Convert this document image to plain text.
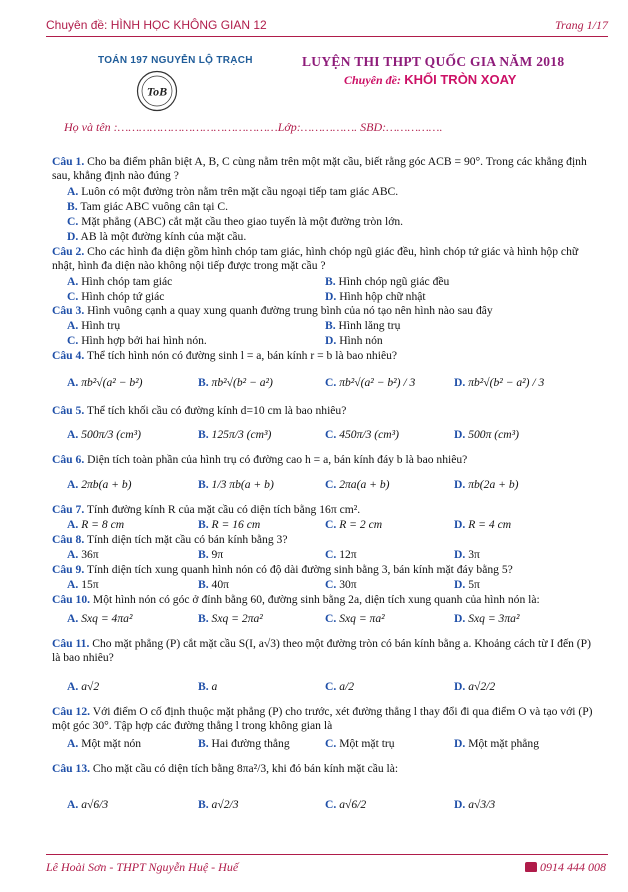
Chuyên đề: HÌNH HỌC KHÔNG GIAN 12	Trang 1/17
TOÁN 197 NGUYỄN LỘ TRẠCH
ToB
LUYỆN THI THPT QUỐC GIA NĂM 2018
Chuyên đề: KHỐI TRÒN XOAY
Họ và tên :………………………………………Lớp:……………. SBD:…………….
Câu 1. Cho ba điểm phân biệt A, B, C cùng nằm trên một mặt cầu, biết rằng góc ACB = 90°. Trong các khẳng định sau, khẳng định nào đúng ?
A. Luôn có một đường tròn nằm trên mặt cầu ngoại tiếp tam giác ABC.
B. Tam giác ABC vuông cân tại C.
C. Mặt phẳng (ABC) cắt mặt cầu theo giao tuyến là một đường tròn lớn.
D. AB là một đường kính của mặt cầu.
Câu 2. Cho các hình đa diện gồm hình chóp tam giác, hình chóp ngũ giác đều, hình chóp tứ giác và hình hộp chữ nhật, hình đa diện nào không nội tiếp được trong mặt cầu ?
A. Hình chóp tam giác	B. Hình chóp ngũ giác đều
C. Hình chóp tứ giác	D. Hình hộp chữ nhật
Câu 3. Hình vuông cạnh a quay xung quanh đường trung bình của nó tạo nên hình nào sau đây
A. Hình trụ	B. Hình lăng trụ
C. Hình hợp bởi hai hình nón.	D. Hình nón
Câu 4. Thể tích hình nón có đường sinh l = a, bán kính r = b là bao nhiêu?
A. πb²√(a² − b²)	B. πb²√(b² − a²)	C. πb²√(a² − b²) / 3	D. πb²√(b² − a²) / 3
Câu 5. Thể tích khối cầu có đường kính d=10 cm là bao nhiêu?
A. 500π/3 (cm³)	B. 125π/3 (cm³)	C. 450π/3 (cm³)	D. 500π (cm³)
Câu 6. Diện tích toàn phần của hình trụ có đường cao h = a, bán kính đáy b là bao nhiêu?
A. 2πb(a + b)	B. 1/3 πb(a + b)	C. 2πa(a + b)	D. πb(2a + b)
Câu 7. Tính đường kính R của mặt cầu có diện tích bằng 16π cm².
A. R = 8 cm	B. R = 16 cm	C. R = 2 cm	D. R = 4 cm
Câu 8. Tính diện tích mặt cầu có bán kính bằng 3?
A. 36π	B. 9π	C. 12π	D. 3π
Câu 9. Tính diện tích xung quanh hình nón có độ dài đường sinh bằng 3, bán kính mặt đáy bằng 5?
A. 15π	B. 40π	C. 30π	D. 5π
Câu 10. Một hình nón có góc ở đỉnh bằng 60, đường sinh bằng 2a, diện tích xung quanh của hình nón là:
A. Sxq = 4πa²	B. Sxq = 2πa²	C. Sxq = πa²	D. Sxq = 3πa²
Câu 11. Cho mặt phẳng (P) cắt mặt cầu S(I, a√3) theo một đường tròn có bán kính bằng a. Khoảng cách từ I đến (P) là bao nhiêu?
A. a√2	B. a	C. a/2	D. a√2/2
Câu 12. Với điểm O cố định thuộc mặt phẳng (P) cho trước, xét đường thẳng l thay đổi đi qua điểm O và tạo với (P) một góc 30°. Tập hợp các đường thẳng l trong không gian là
A. Một mặt nón	B. Hai đường thẳng	C. Một mặt trụ	D. Một mặt phẳng
Câu 13. Cho mặt cầu có diện tích bằng 8πa²/3, khi đó bán kính mặt cầu là:
A. a√6/3	B. a√2/3	C. a√6/2	D. a√3/3
Lê Hoài Sơn - THPT Nguyễn Huệ - Huế	0914 444 008
